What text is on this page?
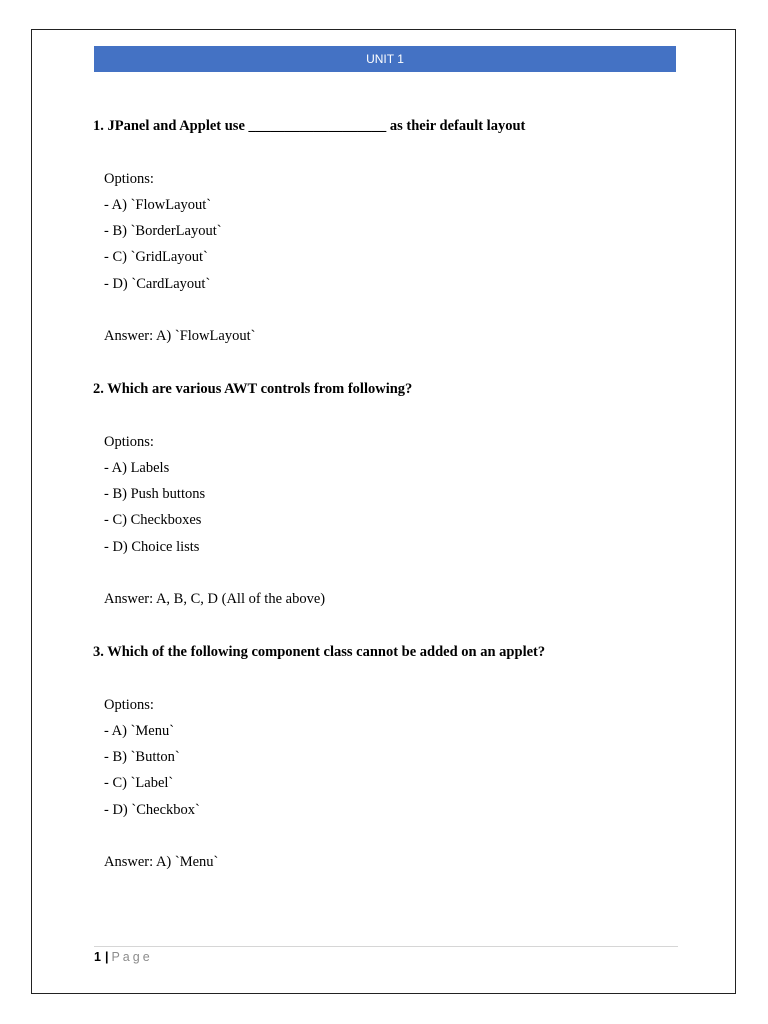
UNIT 1
1. JPanel and Applet use ___________________ as their default layout
Options:
- A) `FlowLayout`
- B) `BorderLayout`
- C) `GridLayout`
- D) `CardLayout`
Answer: A) `FlowLayout`
2. Which are various AWT controls from following?
Options:
- A) Labels
- B) Push buttons
- C) Checkboxes
- D) Choice lists
Answer: A, B, C, D (All of the above)
3. Which of the following component class cannot be added on an applet?
Options:
- A) `Menu`
- B) `Button`
- C) `Label`
- D) `Checkbox`
Answer: A) `Menu`
1 | Page
